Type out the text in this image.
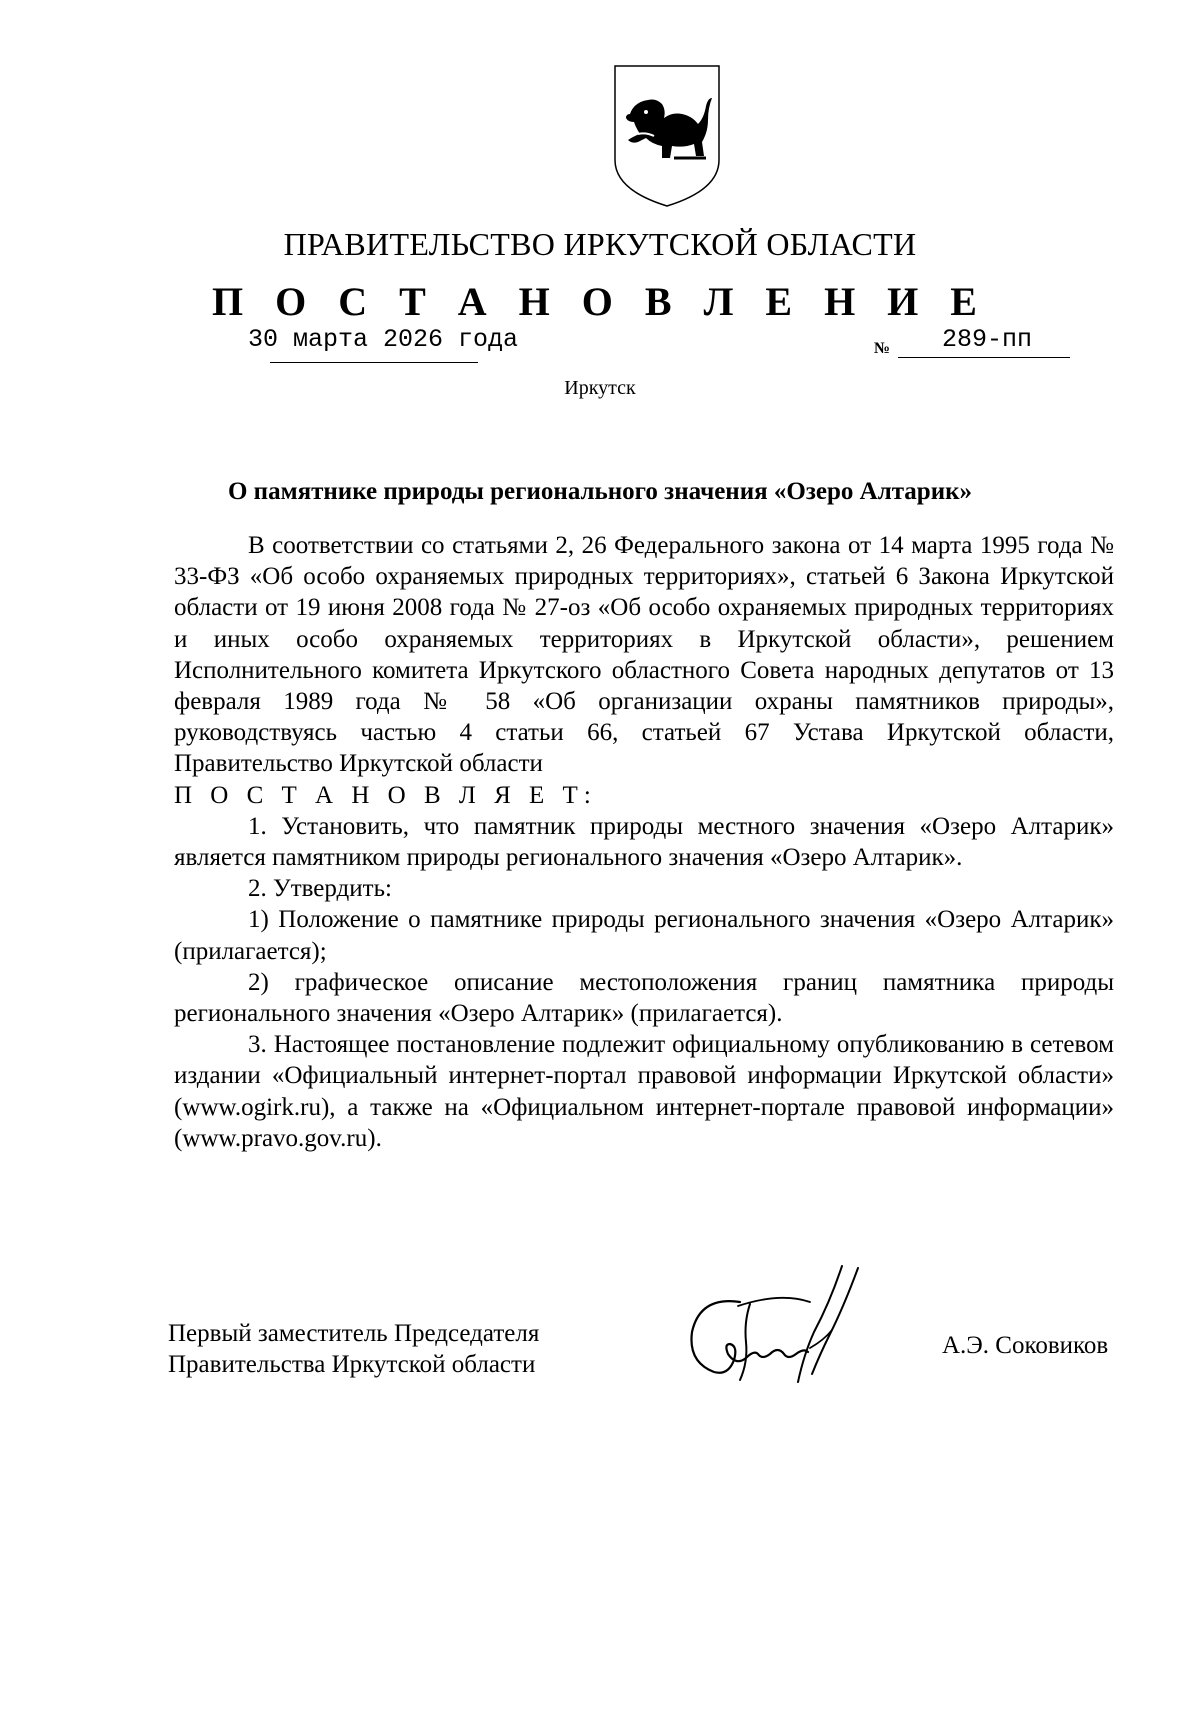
ПРАВИТЕЛЬСТВО ИРКУТСКОЙ ОБЛАСТИ
П О С Т А Н О В Л Е Н И Е
30 марта 2026 года	№ 289-пп
Иркутск
О памятнике природы регионального значения «Озеро Алтарик»

В соответствии со статьями 2, 26 Федерального закона от 14 марта 1995 года № 33-ФЗ «Об особо охраняемых природных территориях», статьей 6 Закона Иркутской области от 19 июня 2008 года № 27-оз «Об особо охраняемых природных территориях и иных особо охраняемых территориях в Иркутской области», решением Исполнительного комитета Иркутского областного Совета народных депутатов от 13 февраля 1989 года № 58 «Об организации охраны памятников природы», руководствуясь частью 4 статьи 66, статьей 67 Устава Иркутской области, Правительство Иркутской области

П О С Т А Н О В Л Я Е Т:

1. Установить, что памятник природы местного значения «Озеро Алтарик» является памятником природы регионального значения «Озеро Алтарик».

2. Утвердить:

1) Положение о памятнике природы регионального значения «Озеро Алтарик» (прилагается);

2) графическое описание местоположения границ памятника природы регионального значения «Озеро Алтарик» (прилагается).

3. Настоящее постановление подлежит официальному опубликованию в сетевом издании «Официальный интернет-портал правовой информации Иркутской области» (www.ogirk.ru), а также на «Официальном интернет-портале правовой информации» (www.pravo.gov.ru).

Первый заместитель Председателя
Правительства Иркутской области
А.Э. Соковиков
